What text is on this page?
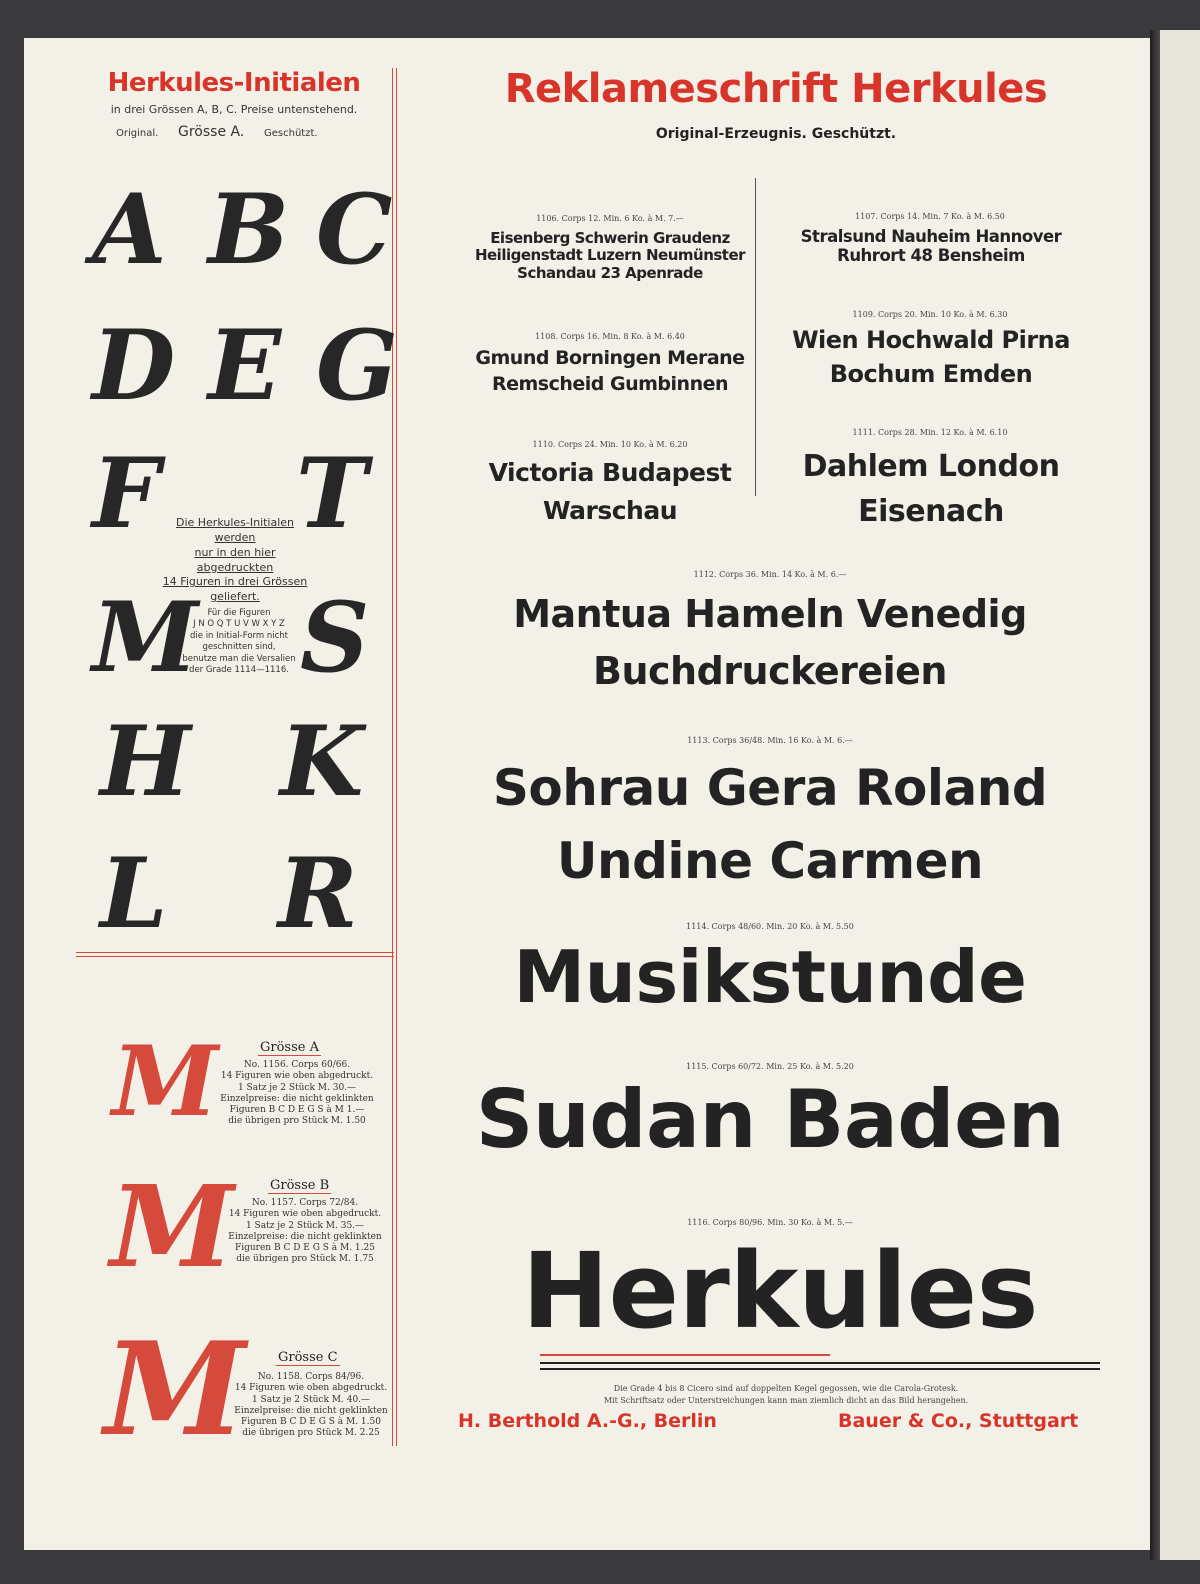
Herkules-Initialen
in drei Grössen A, B, C. Preise untenstehend.
Original. Grösse A. Geschützt.
A B C
D E G
F T
M S
H K
L R
Die Herkules-Initialen werden
nur in den hier abgedruckten
14 Figuren in drei Grössen
geliefert.
Für die Figuren
J N O Q T U V W X Y Z
die in Initial-Form nicht
geschnitten sind,
benutze man die Versalien
der Grade 1114—1116.
M	Grösse A
No. 1156. Corps 60/66.
14 Figuren wie oben abgedruckt.
1 Satz je 2 Stück M. 30.—
Einzelpreise: die nicht geklinkten
Figuren B C D E G S à M 1.—
die übrigen pro Stück M. 1.50
M	Grösse B
No. 1157. Corps 72/84.
14 Figuren wie oben abgedruckt.
1 Satz je 2 Stück M. 35.—
Einzelpreise: die nicht geklinkten
Figuren B C D E G S à M. 1.25
die übrigen pro Stück M. 1.75
M Grösse C
No. 1158. Corps 84/96.
14 Figuren wie oben abgedruckt.
1 Satz je 2 Stück M. 40.—
Einzelpreise: die nicht geklinkten
Figuren B C D E G S à M. 1.50
die übrigen pro Stück M. 2.25
Reklameschrift Herkules
Original-Erzeugnis. Geschützt.
1106. Corps 12. Min. 6 Ko. à M. 7.—
Eisenberg Schwerin Graudenz
Heiligenstadt Luzern Neumünster
Schandau 23 Apenrade
1107. Corps 14. Min. 7 Ko. à M. 6.50
Stralsund Nauheim Hannover
Ruhrort 48 Bensheim
1108. Corps 16. Min. 8 Ko. à M. 6.40
Gmund Borningen Merane
Remscheid Gumbinnen
1109. Corps 20. Min. 10 Ko. à M. 6.30
Wien Hochwald Pirna
Bochum Emden
1110. Corps 24. Min. 10 Ko. à M. 6.20
Victoria Budapest
Warschau
1111. Corps 28. Min. 12 Ko. à M. 6.10
Dahlem London
Eisenach
1112. Corps 36. Min. 14 Ko. à M. 6.—
Mantua Hameln Venedig
Buchdruckereien
1113. Corps 36/48. Min. 16 Ko. à M. 6.—
Sohrau Gera Roland
Undine Carmen
1114. Corps 48/60. Min. 20 Ko. à M. 5.50
Musikstunde
1115. Corps 60/72. Min. 25 Ko. à M. 5.20
Sudan Baden
1116. Corps 80/96. Min. 30 Ko. à M. 5.—
Herkules
Die Grade 4 bis 8 Cicero sind auf doppelten Kegel gegossen, wie die Carola-Grotesk.
Mit Schriftsatz oder Unterstreichungen kann man ziemlich dicht an das Bild herangehen.
H. Berthold A.-G., Berlin	Bauer & Co., Stuttgart
